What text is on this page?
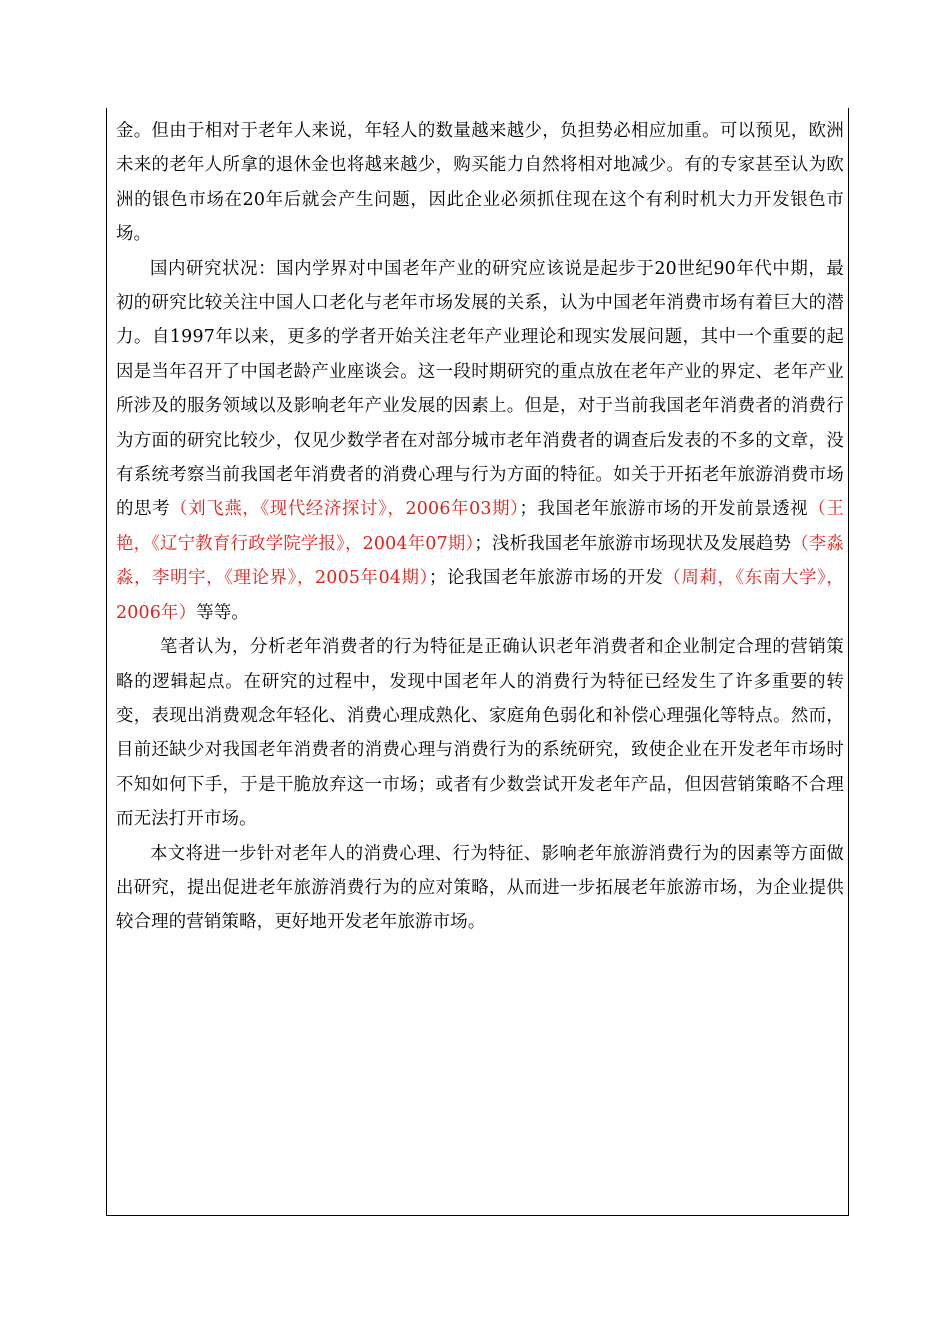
金。但由于相对于老年人来说，年轻人的数量越来越少，负担势必相应加重。可以预见，欧洲未来的老年人所拿的退休金也将越来越少，购买能力自然将相对地减少。有的专家甚至认为欧洲的银色市场在20年后就会产生问题，因此企业必须抓住现在这个有利时机大力开发银色市场。

国内研究状况：国内学界对中国老年产业的研究应该说是起步于20世纪90年代中期，最初的研究比较关注中国人口老化与老年市场发展的关系，认为中国老年消费市场有着巨大的潜力。自1997年以来，更多的学者开始关注老年产业理论和现实发展问题，其中一个重要的起因是当年召开了中国老龄产业座谈会。这一段时期研究的重点放在老年产业的界定、老年产业所涉及的服务领域以及影响老年产业发展的因素上。但是，对于当前我国老年消费者的消费行为方面的研究比较少，仅见少数学者在对部分城市老年消费者的调查后发表的不多的文章，没有系统考察当前我国老年消费者的消费心理与行为方面的特征。如关于开拓老年旅游消费市场的思考（刘飞燕，《现代经济探讨》，2006年03期）；我国老年旅游市场的开发前景透视（王艳，《辽宁教育行政学院学报》，2004年07期）；浅析我国老年旅游市场现状及发展趋势（李淼淼，李明宇，《理论界》，2005年04期）；论我国老年旅游市场的开发（周莉，《东南大学》，2006年）等等。

笔者认为，分析老年消费者的行为特征是正确认识老年消费者和企业制定合理的营销策略的逻辑起点。在研究的过程中，发现中国老年人的消费行为特征已经发生了许多重要的转变，表现出消费观念年轻化、消费心理成熟化、家庭角色弱化和补偿心理强化等特点。然而，目前还缺少对我国老年消费者的消费心理与消费行为的系统研究，致使企业在开发老年市场时不知如何下手，于是干脆放弃这一市场；或者有少数尝试开发老年产品，但因营销策略不合理而无法打开市场。

本文将进一步针对老年人的消费心理、行为特征、影响老年旅游消费行为的因素等方面做出研究，提出促进老年旅游消费行为的应对策略，从而进一步拓展老年旅游市场，为企业提供较合理的营销策略，更好地开发老年旅游市场。
